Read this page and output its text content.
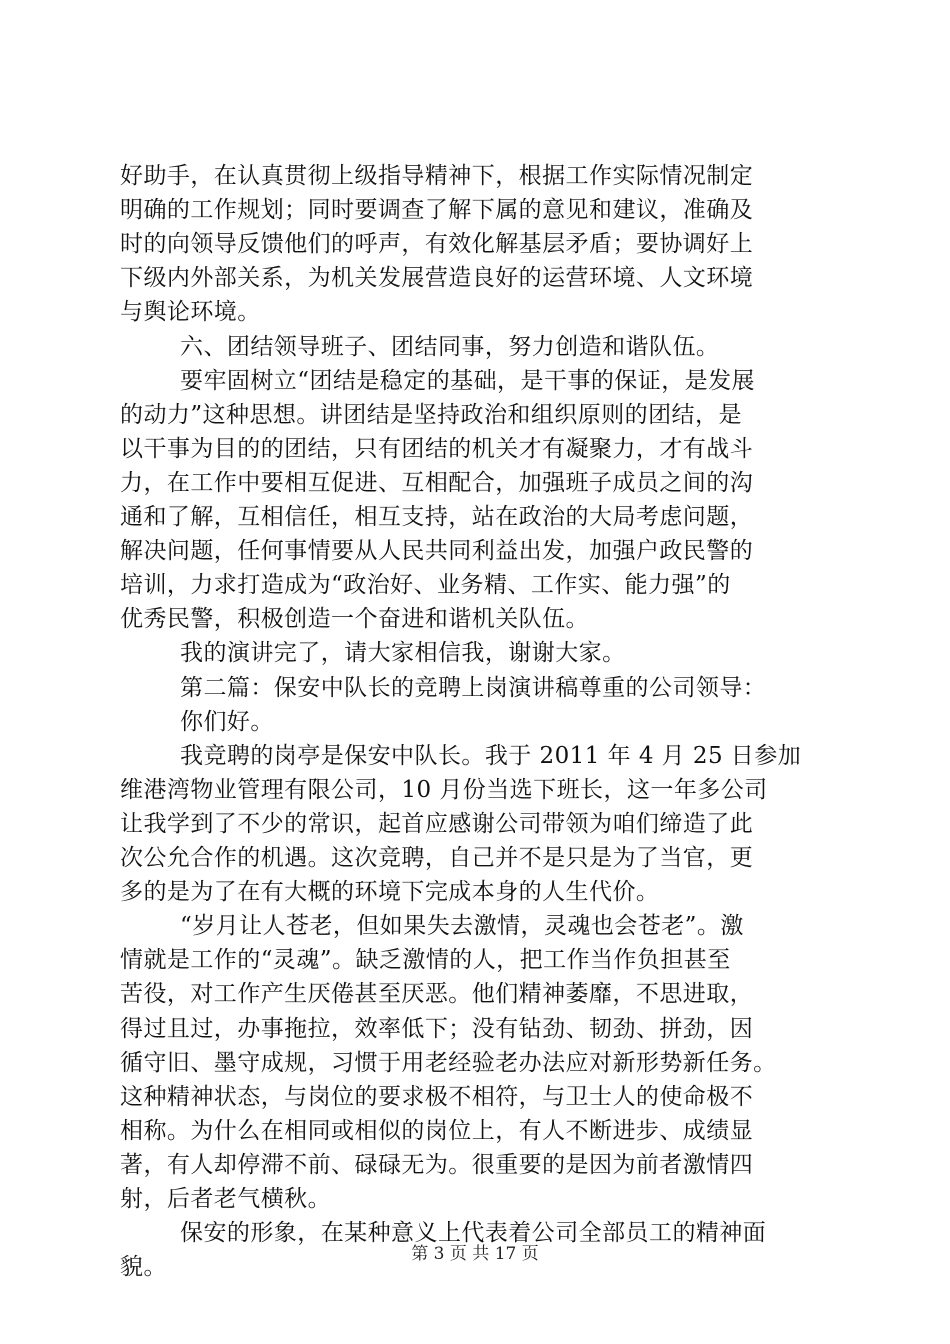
好助手，在认真贯彻上级指导精神下，根据工作实际情况制定
明确的工作规划；同时要调查了解下属的意见和建议，准确及
时的向领导反馈他们的呼声，有效化解基层矛盾；要协调好上
下级内外部关系，为机关发展营造良好的运营环境、人文环境
与舆论环境。
六、团结领导班子、团结同事，努力创造和谐队伍。
要牢固树立“团结是稳定的基础，是干事的保证，是发展
的动力”这种思想。讲团结是坚持政治和组织原则的团结，是
以干事为目的的团结，只有团结的机关才有凝聚力，才有战斗
力，在工作中要相互促进、互相配合，加强班子成员之间的沟
通和了解，互相信任，相互支持，站在政治的大局考虑问题，
解决问题，任何事情要从人民共同利益出发，加强户政民警的
培训，力求打造成为“政治好、业务精、工作实、能力强”的
优秀民警，积极创造一个奋进和谐机关队伍。
我的演讲完了，请大家相信我，谢谢大家。
第二篇：保安中队长的竞聘上岗演讲稿尊重的公司领导：
你们好。
我竞聘的岗亭是保安中队长。我于 2011 年 4 月 25 日参加
维港湾物业管理有限公司，10 月份当选下班长，这一年多公司
让我学到了不少的常识，起首应感谢公司带领为咱们缔造了此
次公允合作的机遇。这次竞聘，自己并不是只是为了当官，更
多的是为了在有大概的环境下完成本身的人生代价。
“岁月让人苍老，但如果失去激情，灵魂也会苍老”。激
情就是工作的“灵魂”。缺乏激情的人，把工作当作负担甚至
苦役，对工作产生厌倦甚至厌恶。他们精神萎靡，不思进取，
得过且过，办事拖拉，效率低下；没有钻劲、韧劲、拼劲，因
循守旧、墨守成规，习惯于用老经验老办法应对新形势新任务。
这种精神状态，与岗位的要求极不相符，与卫士人的使命极不
相称。为什么在相同或相似的岗位上，有人不断进步、成绩显
著，有人却停滞不前、碌碌无为。很重要的是因为前者激情四
射，后者老气横秋。
保安的形象，在某种意义上代表着公司全部员工的精神面
貌。
第 3 页 共 17 页
